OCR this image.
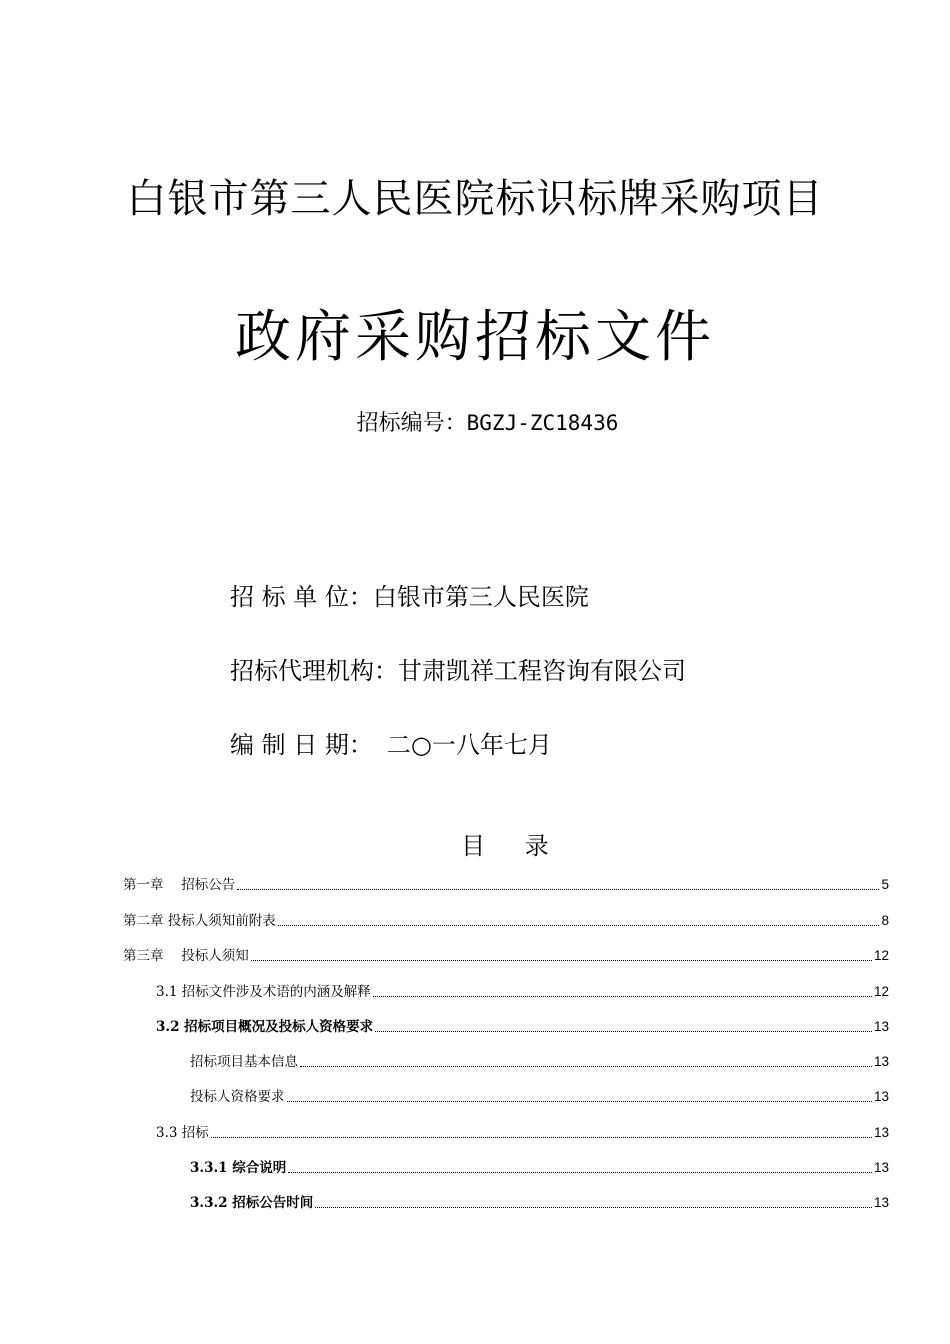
白银市第三人民医院标识标牌采购项目
政府采购招标文件
招标编号：BGZJ-ZC18436
招 标 单 位：白银市第三人民医院
招标代理机构：甘肃凯祥工程咨询有限公司
编 制 日 期： 二○一八年七月
目 录
第一章　 招标公告	5
第二章 投标人须知前附表	8
第三章　 投标人须知	12
3.1 招标文件涉及术语的内涵及解释	12
3.2 招标项目概况及投标人资格要求	13
招标项目基本信息	13
投标人资格要求	13
3.3 招标	13
3.3.1 综合说明	13
3.3.2 招标公告时间	13
